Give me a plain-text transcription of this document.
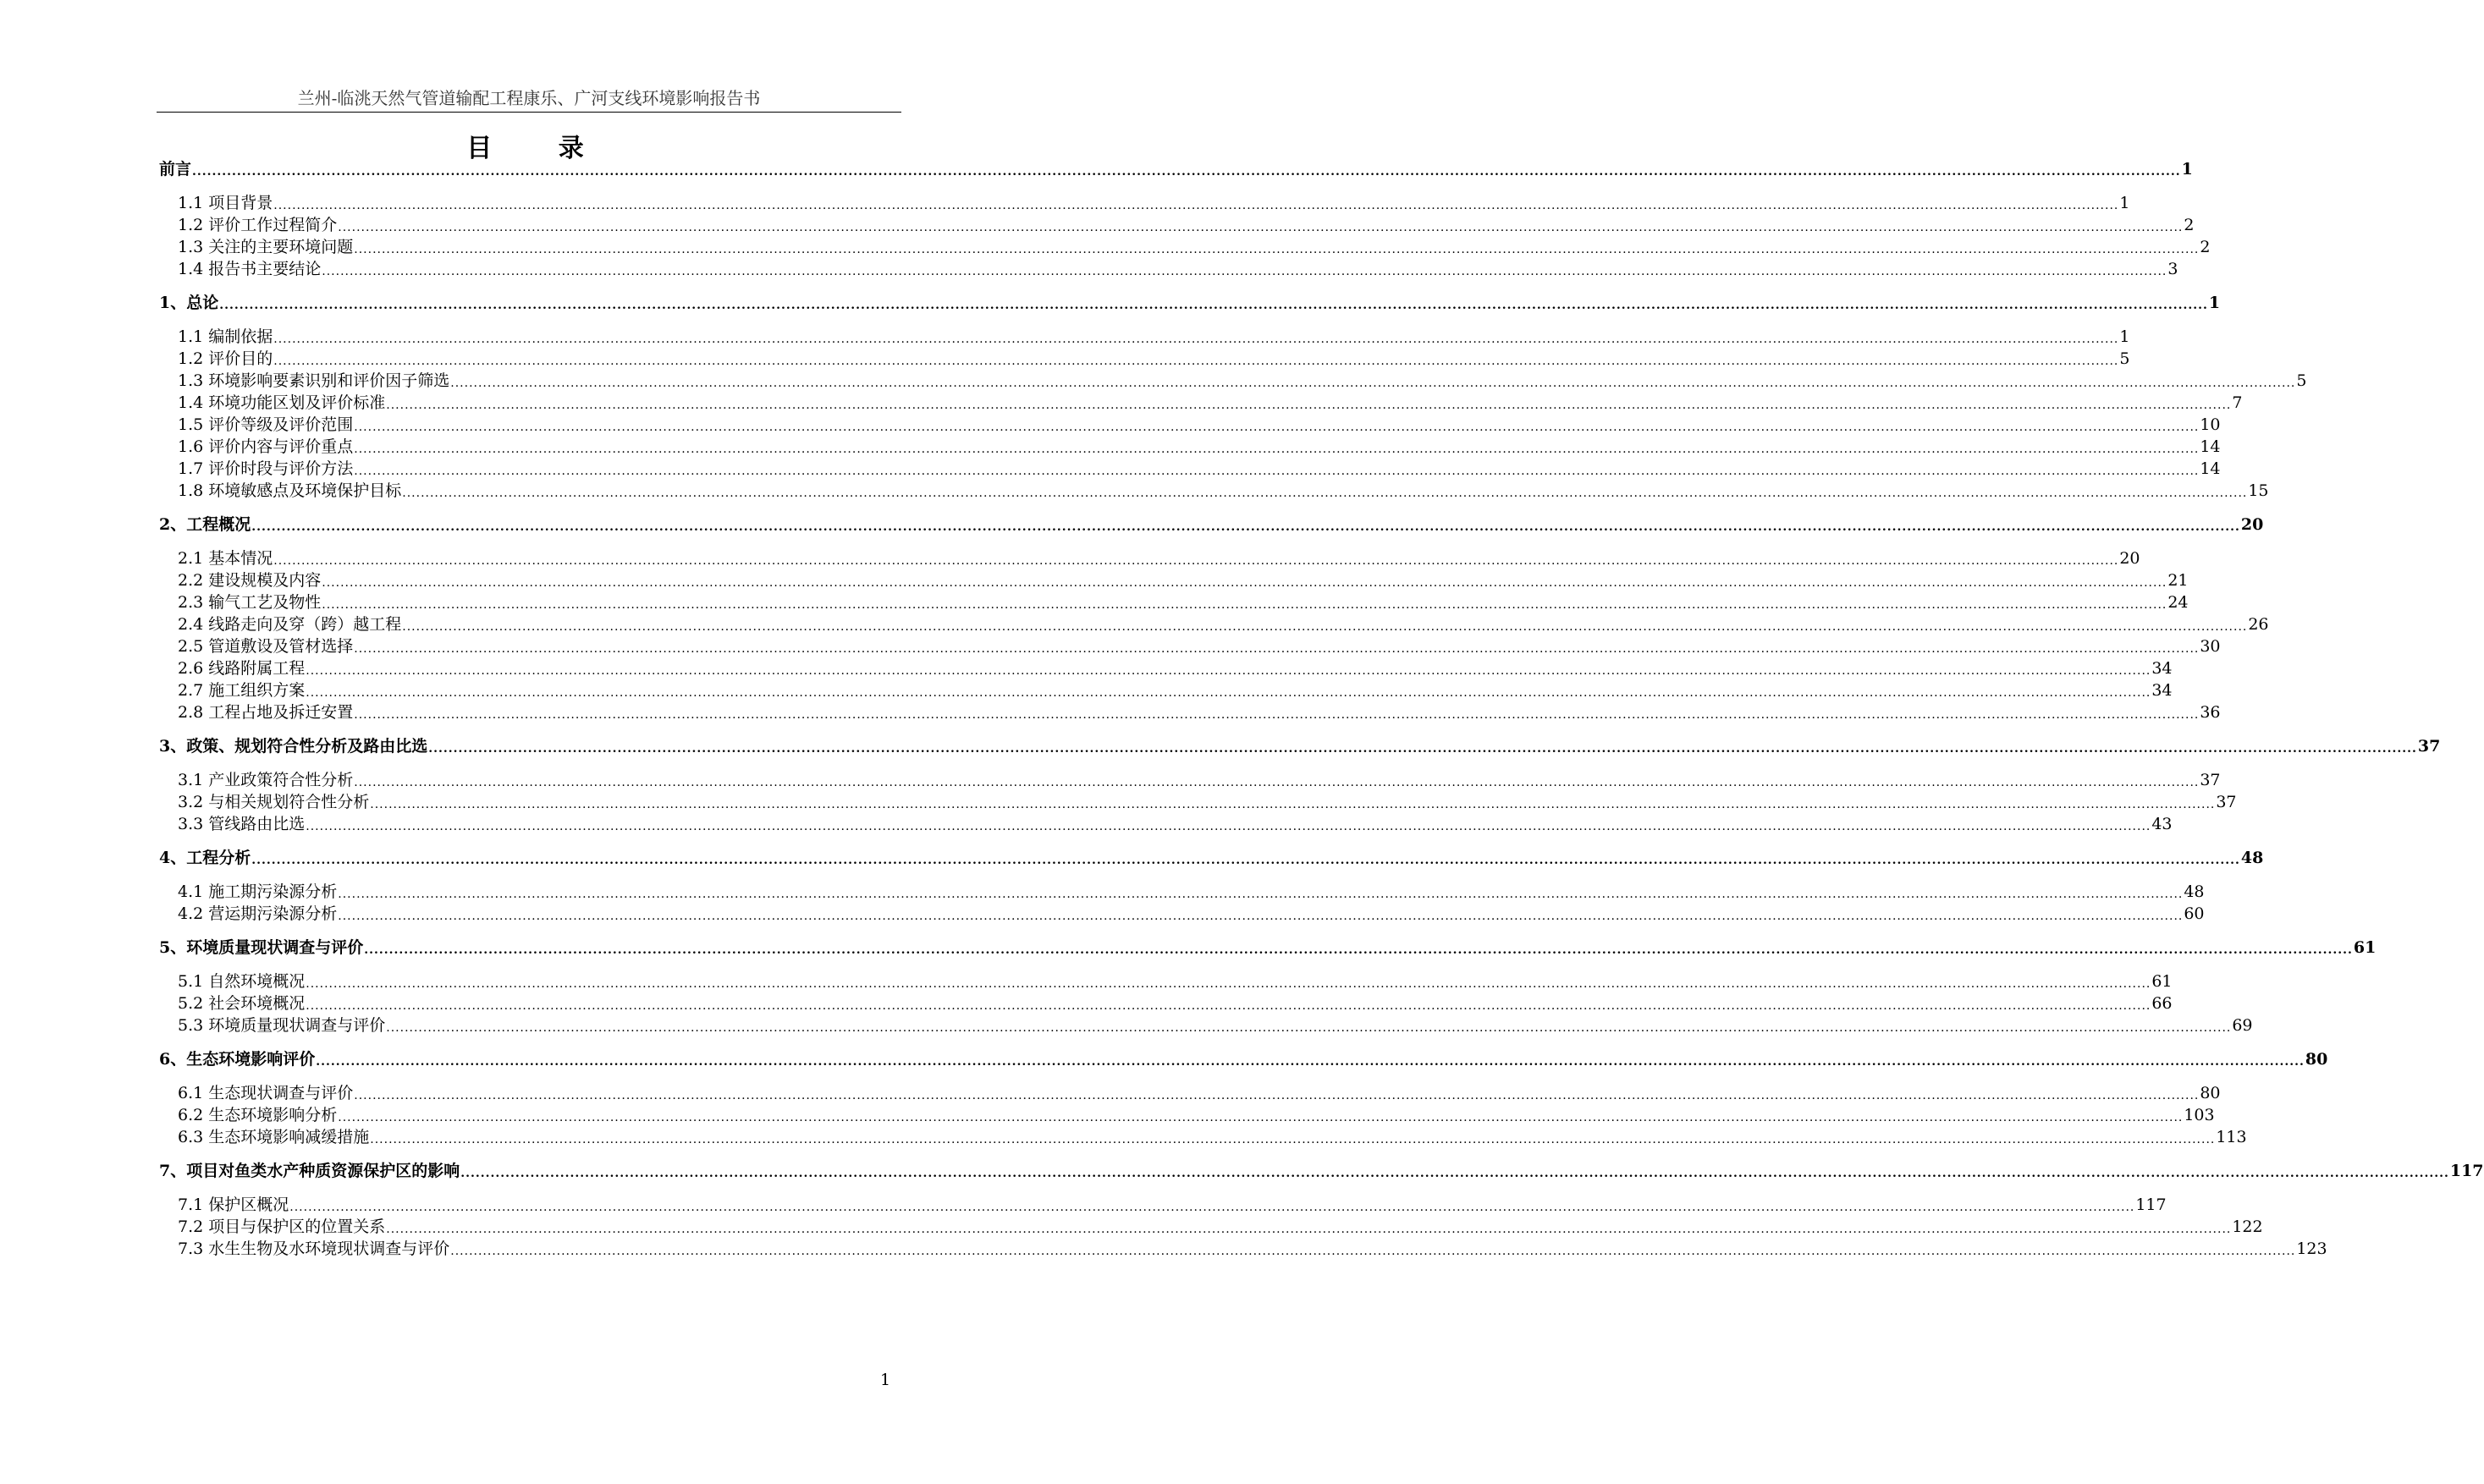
兰州-临洮天然气管道输配工程康乐、广河支线环境影响报告书
目 录
前言 ................................................................................................................................................................................................................................................................................................................................................................................................................ 1
1.1 项目背景 ................................................................................................................................................................................................................................................................................................................................................................................................................ 1
1.2 评价工作过程简介 ................................................................................................................................................................................................................................................................................................................................................................................................................ 2
1.3 关注的主要环境问题 ................................................................................................................................................................................................................................................................................................................................................................................................................ 2
1.4 报告书主要结论 ................................................................................................................................................................................................................................................................................................................................................................................................................ 3
1、总论 ................................................................................................................................................................................................................................................................................................................................................................................................................ 1
1.1 编制依据 ................................................................................................................................................................................................................................................................................................................................................................................................................ 1
1.2 评价目的 ................................................................................................................................................................................................................................................................................................................................................................................................................ 5
1.3 环境影响要素识别和评价因子筛选 ................................................................................................................................................................................................................................................................................................................................................................................................................ 5
1.4 环境功能区划及评价标准 ................................................................................................................................................................................................................................................................................................................................................................................................................ 7
1.5 评价等级及评价范围 ................................................................................................................................................................................................................................................................................................................................................................................................................ 10
1.6 评价内容与评价重点 ................................................................................................................................................................................................................................................................................................................................................................................................................ 14
1.7 评价时段与评价方法 ................................................................................................................................................................................................................................................................................................................................................................................................................ 14
1.8 环境敏感点及环境保护目标 ................................................................................................................................................................................................................................................................................................................................................................................................................ 15
2、工程概况 ................................................................................................................................................................................................................................................................................................................................................................................................................ 20
2.1 基本情况 ................................................................................................................................................................................................................................................................................................................................................................................................................ 20
2.2 建设规模及内容 ................................................................................................................................................................................................................................................................................................................................................................................................................ 21
2.3 输气工艺及物性 ................................................................................................................................................................................................................................................................................................................................................................................................................ 24
2.4 线路走向及穿（跨）越工程 ................................................................................................................................................................................................................................................................................................................................................................................................................ 26
2.5 管道敷设及管材选择 ................................................................................................................................................................................................................................................................................................................................................................................................................ 30
2.6 线路附属工程 ................................................................................................................................................................................................................................................................................................................................................................................................................ 34
2.7 施工组织方案 ................................................................................................................................................................................................................................................................................................................................................................................................................ 34
2.8 工程占地及拆迁安置 ................................................................................................................................................................................................................................................................................................................................................................................................................ 36
3、政策、规划符合性分析及路由比选 ................................................................................................................................................................................................................................................................................................................................................................................................................ 37
3.1 产业政策符合性分析 ................................................................................................................................................................................................................................................................................................................................................................................................................ 37
3.2 与相关规划符合性分析 ................................................................................................................................................................................................................................................................................................................................................................................................................ 37
3.3 管线路由比选 ................................................................................................................................................................................................................................................................................................................................................................................................................ 43
4、工程分析 ................................................................................................................................................................................................................................................................................................................................................................................................................ 48
4.1 施工期污染源分析 ................................................................................................................................................................................................................................................................................................................................................................................................................ 48
4.2 营运期污染源分析 ................................................................................................................................................................................................................................................................................................................................................................................................................ 60
5、环境质量现状调查与评价 ................................................................................................................................................................................................................................................................................................................................................................................................................ 61
5.1 自然环境概况 ................................................................................................................................................................................................................................................................................................................................................................................................................ 61
5.2 社会环境概况 ................................................................................................................................................................................................................................................................................................................................................................................................................ 66
5.3 环境质量现状调查与评价 ................................................................................................................................................................................................................................................................................................................................................................................................................ 69
6、生态环境影响评价 ................................................................................................................................................................................................................................................................................................................................................................................................................ 80
6.1 生态现状调查与评价 ................................................................................................................................................................................................................................................................................................................................................................................................................ 80
6.2 生态环境影响分析 ................................................................................................................................................................................................................................................................................................................................................................................................................ 103
6.3 生态环境影响减缓措施 ................................................................................................................................................................................................................................................................................................................................................................................................................ 113
7、项目对鱼类水产种质资源保护区的影响 ................................................................................................................................................................................................................................................................................................................................................................................................................ 117
7.1 保护区概况 ................................................................................................................................................................................................................................................................................................................................................................................................................ 117
7.2 项目与保护区的位置关系 ................................................................................................................................................................................................................................................................................................................................................................................................................ 122
7.3 水生生物及水环境现状调查与评价 ................................................................................................................................................................................................................................................................................................................................................................................................................ 123
1
